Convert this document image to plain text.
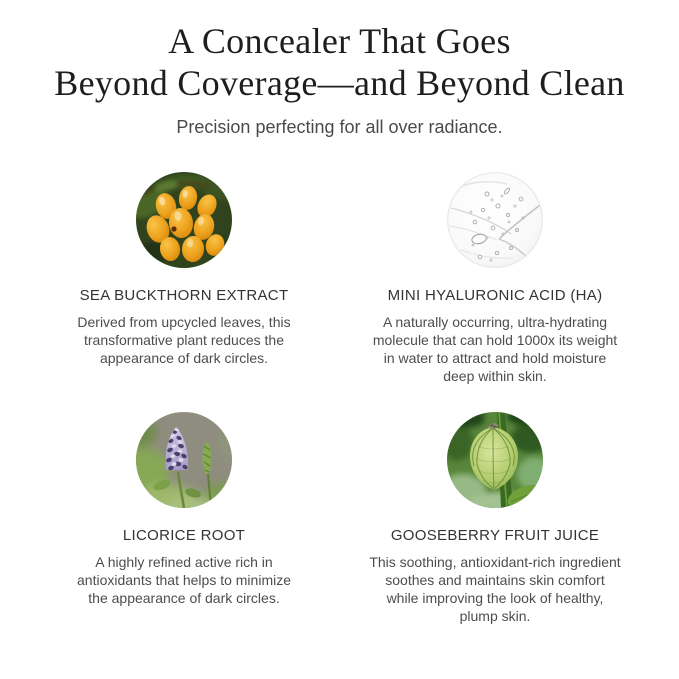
A Concealer That Goes
Beyond Coverage—and Beyond Clean
Precision perfecting for all over radiance.
SEA BUCKTHORN EXTRACT
Derived from upcycled leaves, this
transformative plant reduces the
appearance of dark circles.
MINI HYALURONIC ACID (HA)
A naturally occurring, ultra-hydrating
molecule that can hold 1000x its weight
in water to attract and hold moisture
deep within skin.
LICORICE ROOT
A highly refined active rich in
antioxidants that helps to minimize
the appearance of dark circles.
GOOSEBERRY FRUIT JUICE
This soothing, antioxidant-rich ingredient
soothes and maintains skin comfort
while improving the look of healthy,
plump skin.
